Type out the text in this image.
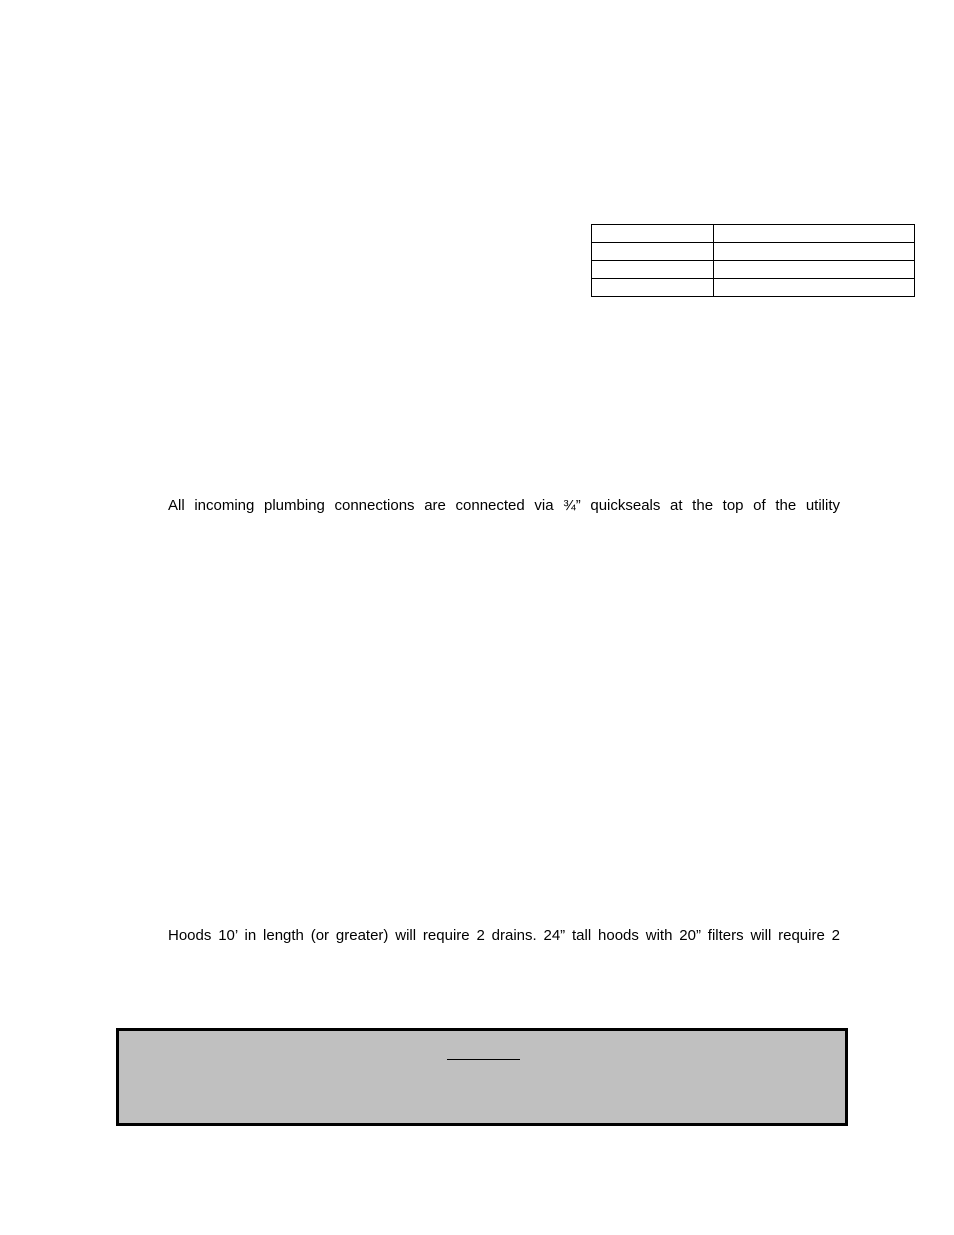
All incoming plumbing connections are connected via ¾” quickseals at the top of the utility

Hoods 10’ in length (or greater) will require 2 drains. 24” tall hoods with 20” filters will require 2
